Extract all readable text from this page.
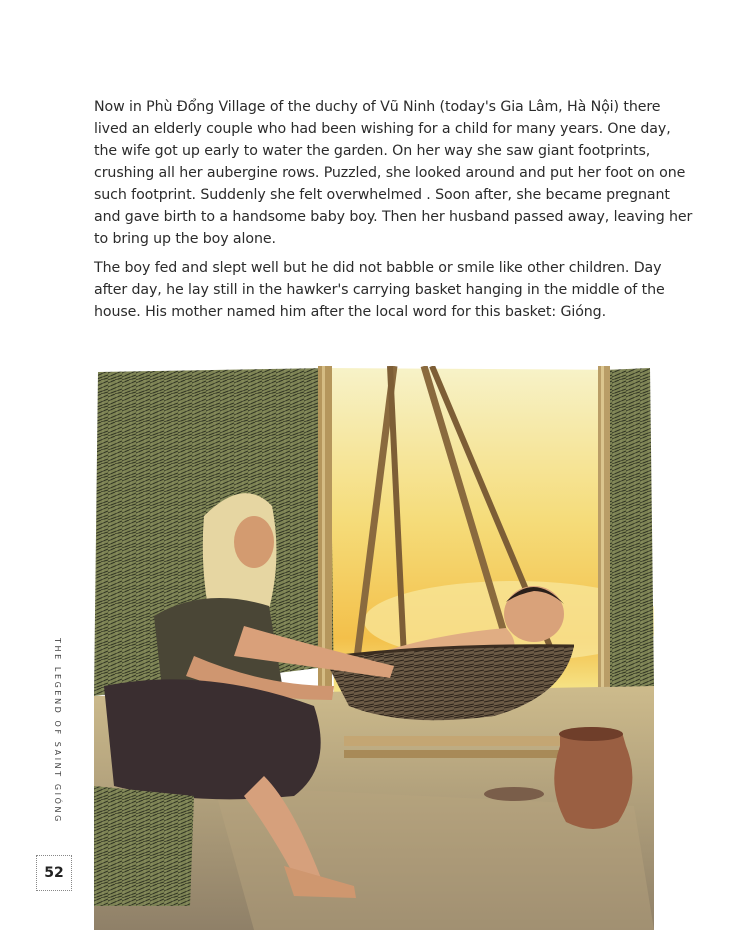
Now in Phù Đổng Village of the duchy of Vũ Ninh (today's Gia Lâm, Hà Nội) there lived an elderly couple who had been wishing for a child for many years. One day, the wife got up early to water the garden. On her way she saw giant footprints, crushing all her aubergine rows. Puzzled, she looked around and put her foot on one such footprint. Suddenly she felt overwhelmed . Soon after, she became pregnant and gave birth to a handsome baby boy. Then her husband passed away, leaving her to bring up the boy alone.

The boy fed and slept well but he did not babble or smile like other children. Day after day, he lay still in the hawker's carrying basket hanging in the middle of the house. His mother named him after the local word for this basket: Gióng.

THE LEGEND OF SAINT GIÓNG
52
